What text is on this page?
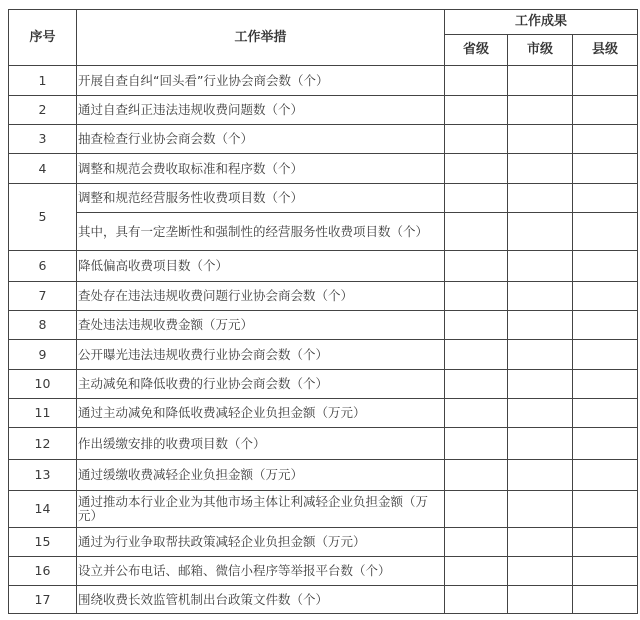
序号	工作举措	工作成果		
		省级	市级	县级
1	开展自查自纠“回头看”行业协会商会数（个）			
2	通过自查纠正违法违规收费问题数（个）			
3	抽查检查行业协会商会数（个）			
4	调整和规范会费收取标准和程序数（个）			
5	调整和规范经营服务性收费项目数（个）			
	其中，具有一定垄断性和强制性的经营服务性收费项目数（个）			
6	降低偏高收费项目数（个）			
7	查处存在违法违规收费问题行业协会商会数（个）			
8	查处违法违规收费金额（万元）			
9	公开曝光违法违规收费行业协会商会数（个）			
10	主动减免和降低收费的行业协会商会数（个）			
11	通过主动减免和降低收费减轻企业负担金额（万元）			
12	作出缓缴安排的收费项目数（个）			
13	通过缓缴收费减轻企业负担金额（万元）			
14	通过推动本行业企业为其他市场主体让利减轻企业负担金额（万元）			
15	通过为行业争取帮扶政策减轻企业负担金额（万元）			
16	设立并公布电话、邮箱、微信小程序等举报平台数（个）			
17	围绕收费长效监管机制出台政策文件数（个）			
